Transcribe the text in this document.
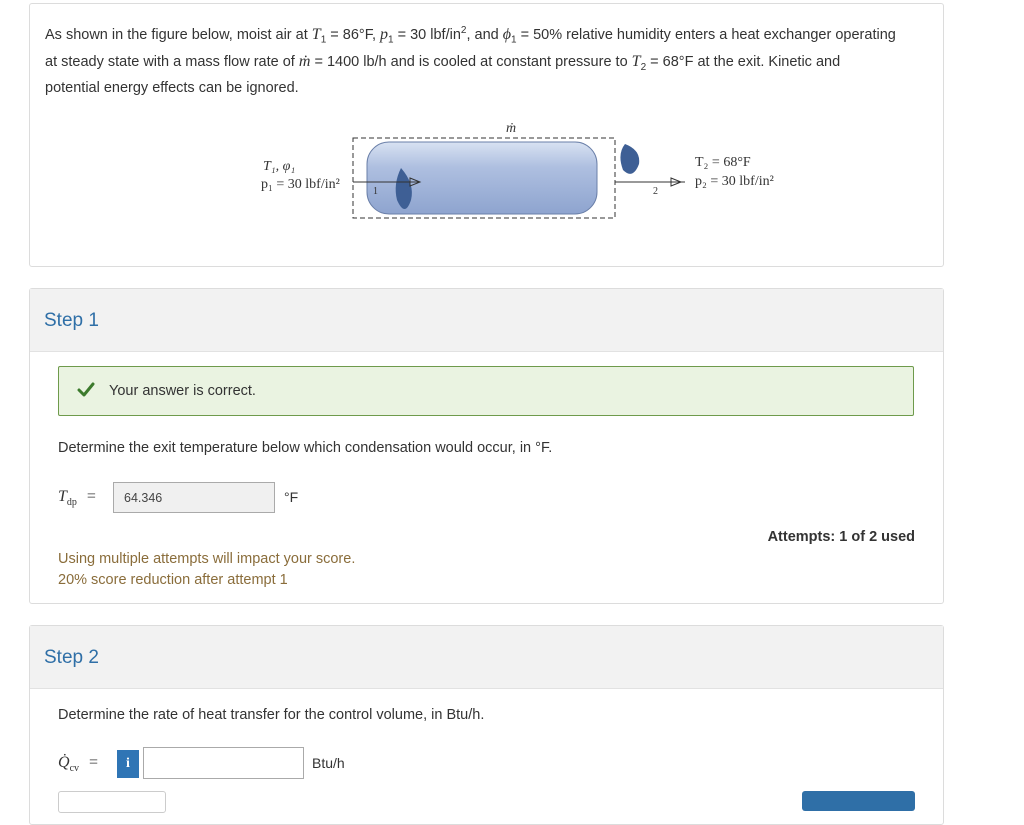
As shown in the figure below, moist air at $T_1 = 86^\circ F$, $p_1 = 30$ lbf/$in^2$, and $\phi_1 = 50\%$ relative humidity enters a heat exchanger operating
at steady state with a mass flow rate of ṁ = 1400 lb/h and is cooled at constant pressure to $T_2 = 68^\circ F$ at the exit. Kinetic and
potential energy effects can be ignored.
ṁ
T₁, φ₁
p₁ = 30 lbf/in²	1	2
T₂ = 68°F
p₂ = 30 lbf/in²
Step 1
Your answer is correct.
Determine the exit temperature below which condensation would occur, in °F.
$T_{dp}$ =	64.346	°F
Attempts: 1 of 2 used
Using multiple attempts will impact your score.
20% score reduction after attempt 1
Step 2
Determine the rate of heat transfer for the control volume, in Btu/h.
$Q̇_{cv}$ =	i	Btu/h
